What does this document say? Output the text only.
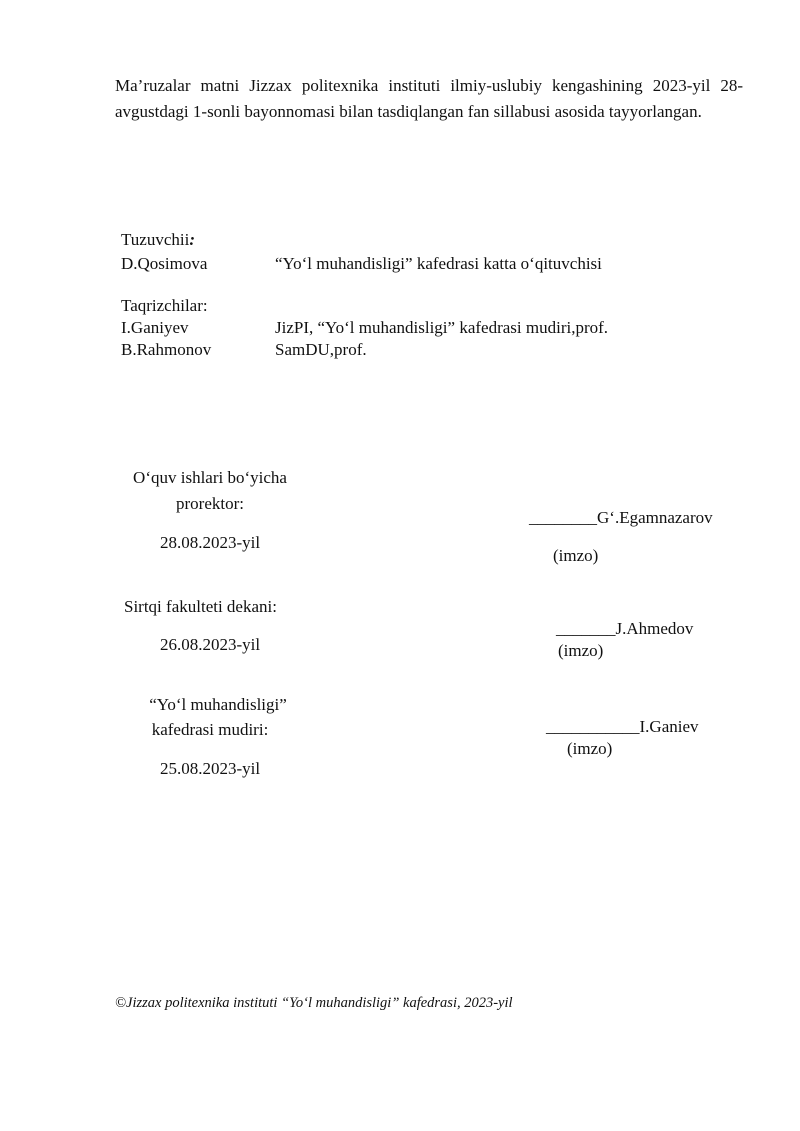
Ma’ruzalar matni Jizzax politexnika instituti ilmiy-uslubiy kengashining 2023-yil 28-avgustdagi 1-sonli bayonnomasi bilan tasdiqlangan fan sillabusi asosida tayyorlangan.
Tuzuvchii:
D.Qosimova	“Yo‘l muhandisligi” kafedrasi katta o‘qituvchisi
Taqrizchilar:
I.Ganiyev	JizPI, “Yo‘l muhandisligi” kafedrasi mudiri,prof.
B.Rahmonov	SamDU,prof.
O‘quv ishlari bo‘yicha
prorektor:
28.08.2023-yil
________G‘.Egamnazarov
(imzo)
Sirtqi fakulteti dekani:
26.08.2023-yil
_______J.Ahmedov
(imzo)
“Yo‘l muhandisligi”
kafedrasi mudiri:
25.08.2023-yil
___________I.Ganiev
(imzo)
©Jizzax politexnika instituti “Yo‘l muhandisligi” kafedrasi, 2023-yil
